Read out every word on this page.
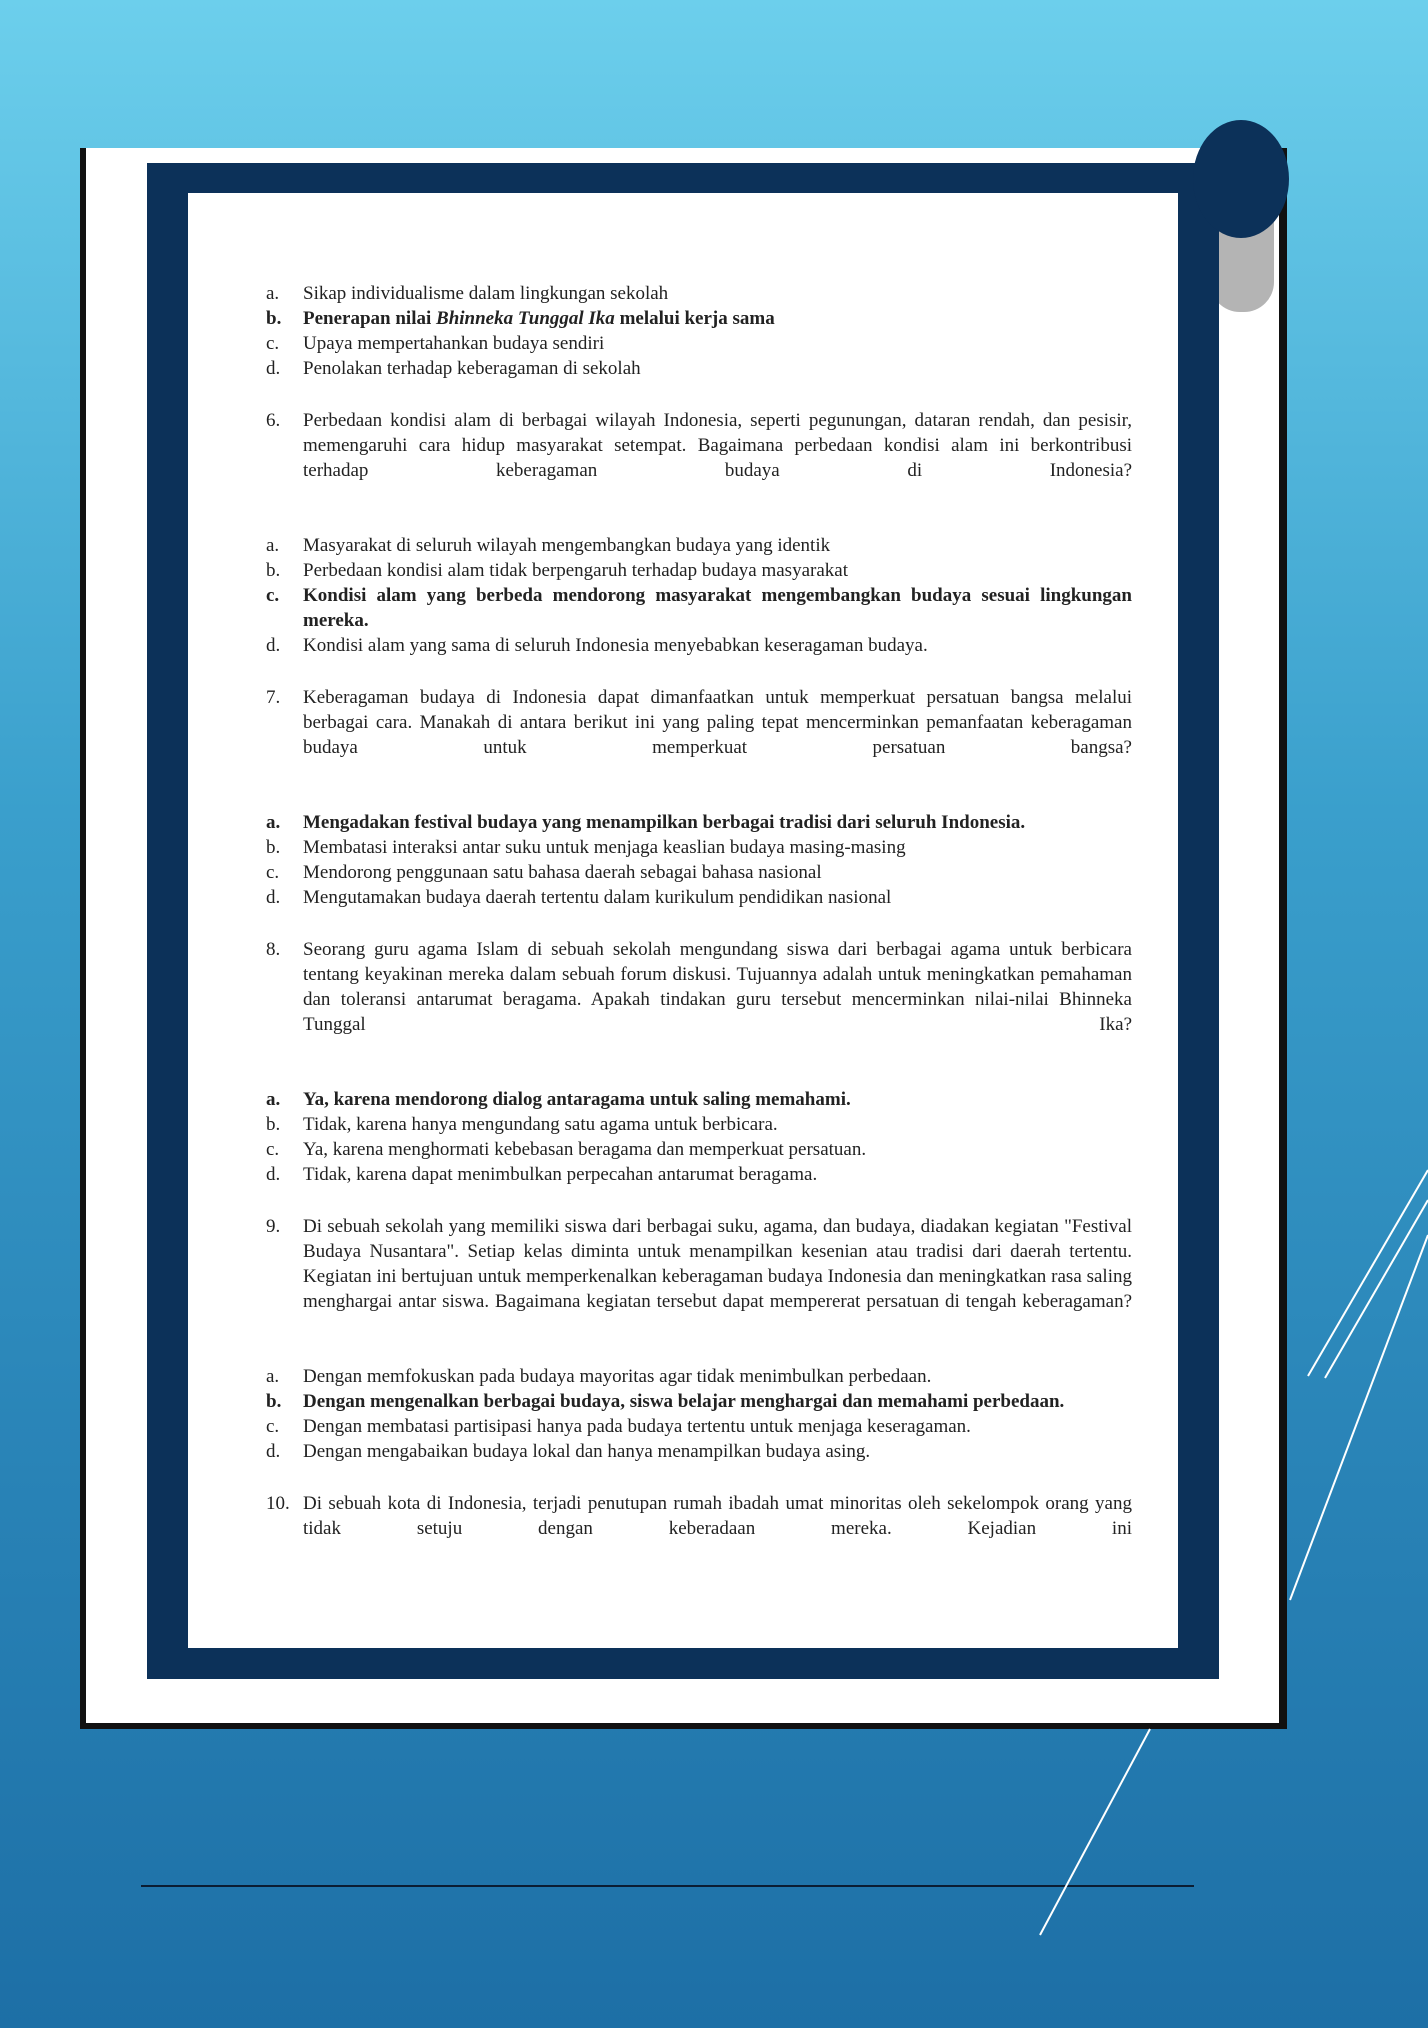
a.	Sikap individualisme dalam lingkungan sekolah
b.	Penerapan nilai Bhinneka Tunggal Ika melalui kerja sama
c.	Upaya mempertahankan budaya sendiri
d.	Penolakan terhadap keberagaman di sekolah
6.	Perbedaan kondisi alam di berbagai wilayah Indonesia, seperti pegunungan, dataran rendah, dan pesisir, memengaruhi cara hidup masyarakat setempat. Bagaimana perbedaan kondisi alam ini berkontribusi terhadap keberagaman budaya di Indonesia?
a.	Masyarakat di seluruh wilayah mengembangkan budaya yang identik
b.	Perbedaan kondisi alam tidak berpengaruh terhadap budaya masyarakat
c.	Kondisi alam yang berbeda mendorong masyarakat mengembangkan budaya sesuai lingkungan mereka.
d.	Kondisi alam yang sama di seluruh Indonesia menyebabkan keseragaman budaya.
7.	Keberagaman budaya di Indonesia dapat dimanfaatkan untuk memperkuat persatuan bangsa melalui berbagai cara. Manakah di antara berikut ini yang paling tepat mencerminkan pemanfaatan keberagaman budaya untuk memperkuat persatuan bangsa?
a.	Mengadakan festival budaya yang menampilkan berbagai tradisi dari seluruh Indonesia.
b.	Membatasi interaksi antar suku untuk menjaga keaslian budaya masing-masing
c.	Mendorong penggunaan satu bahasa daerah sebagai bahasa nasional
d.	Mengutamakan budaya daerah tertentu dalam kurikulum pendidikan nasional
8.	Seorang guru agama Islam di sebuah sekolah mengundang siswa dari berbagai agama untuk berbicara tentang keyakinan mereka dalam sebuah forum diskusi. Tujuannya adalah untuk meningkatkan pemahaman dan toleransi antarumat beragama. Apakah tindakan guru tersebut mencerminkan nilai-nilai Bhinneka Tunggal Ika?
a.	Ya, karena mendorong dialog antaragama untuk saling memahami.
b.	Tidak, karena hanya mengundang satu agama untuk berbicara.
c.	Ya, karena menghormati kebebasan beragama dan memperkuat persatuan.
d.	Tidak, karena dapat menimbulkan perpecahan antarumat beragama.
9.	Di sebuah sekolah yang memiliki siswa dari berbagai suku, agama, dan budaya, diadakan kegiatan "Festival Budaya Nusantara". Setiap kelas diminta untuk menampilkan kesenian atau tradisi dari daerah tertentu. Kegiatan ini bertujuan untuk memperkenalkan keberagaman budaya Indonesia dan meningkatkan rasa saling menghargai antar siswa. Bagaimana kegiatan tersebut dapat mempererat persatuan di tengah keberagaman?
a.	Dengan memfokuskan pada budaya mayoritas agar tidak menimbulkan perbedaan.
b.	Dengan mengenalkan berbagai budaya, siswa belajar menghargai dan memahami perbedaan.
c.	Dengan membatasi partisipasi hanya pada budaya tertentu untuk menjaga keseragaman.
d.	Dengan mengabaikan budaya lokal dan hanya menampilkan budaya asing.
10. Di sebuah kota di Indonesia, terjadi penutupan rumah ibadah umat minoritas oleh sekelompok orang yang tidak setuju dengan keberadaan mereka. Kejadian ini
